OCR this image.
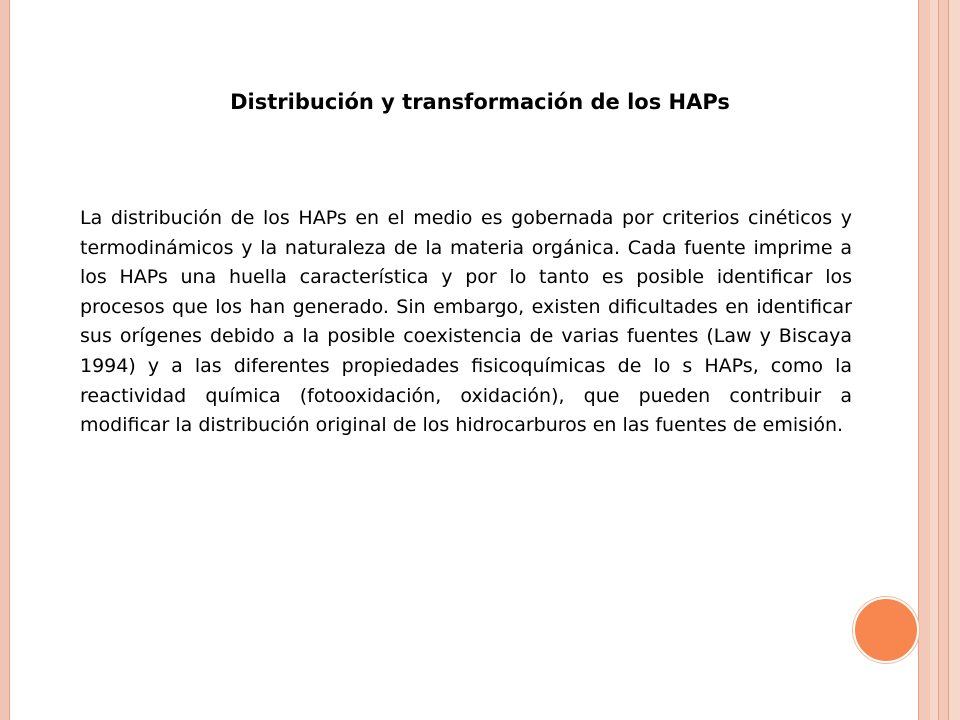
Distribución y transformación de los HAPs

La distribución de los HAPs en el medio es gobernada por criterios cinéticos y termodinámicos y la naturaleza de la materia orgánica. Cada fuente imprime a los HAPs una huella característica y por lo tanto es posible identificar los procesos que los han generado. Sin embargo, existen dificultades en identificar sus orígenes debido a la posible coexistencia de varias fuentes (Law y Biscaya 1994) y a las diferentes propiedades fisicoquímicas de lo s HAPs, como la reactividad química (fotooxidación, oxidación), que pueden contribuir a modificar la distribución original de los hidrocarburos en las fuentes de emisión.
